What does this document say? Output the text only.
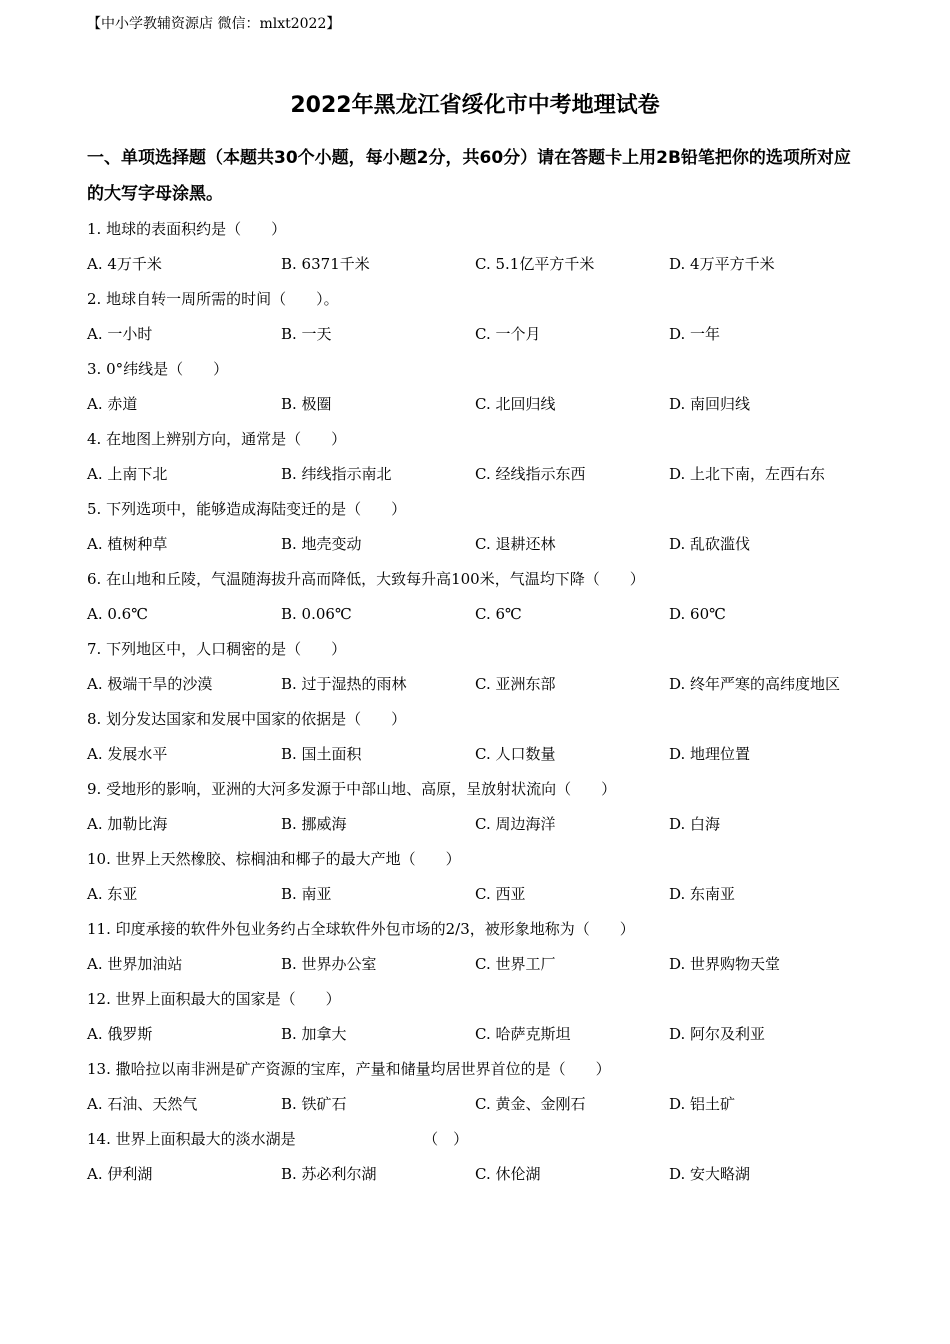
【中小学教辅资源店 微信：mlxt2022】
2022年黑龙江省绥化市中考地理试卷
一、单项选择题（本题共30个小题，每小题2分，共60分）请在答题卡上用2B铅笔把你的选项所对应的大写字母涂黑。
1. 地球的表面积约是（　　）
A. 4万千米	B. 6371千米	C. 5.1亿平方千米	D. 4万平方千米
2. 地球自转一周所需的时间（　　）。
A. 一小时	B. 一天	C. 一个月	D. 一年
3. 0°纬线是（　　）
A. 赤道	B. 极圈	C. 北回归线	D. 南回归线
4. 在地图上辨别方向，通常是（　　）
A. 上南下北	B. 纬线指示南北	C. 经线指示东西	D. 上北下南，左西右东
5. 下列选项中，能够造成海陆变迁的是（　　）
A. 植树种草	B. 地壳变动	C. 退耕还林	D. 乱砍滥伐
6. 在山地和丘陵，气温随海拔升高而降低，大致每升高100米，气温均下降（　　）
A. 0.6℃	B. 0.06℃	C. 6℃	D. 60℃
7. 下列地区中，人口稠密的是（　　）
A. 极端干旱的沙漠	B. 过于湿热的雨林	C. 亚洲东部	D. 终年严寒的高纬度地区
8. 划分发达国家和发展中国家的依据是（　　）
A. 发展水平	B. 国土面积	C. 人口数量	D. 地理位置
9. 受地形的影响，亚洲的大河多发源于中部山地、高原，呈放射状流向（　　）
A. 加勒比海	B. 挪威海	C. 周边海洋	D. 白海
10. 世界上天然橡胶、棕榈油和椰子的最大产地（　　）
A. 东亚	B. 南亚	C. 西亚	D. 东南亚
11. 印度承接的软件外包业务约占全球软件外包市场的2/3，被形象地称为（　　）
A. 世界加油站	B. 世界办公室	C. 世界工厂	D. 世界购物天堂
12. 世界上面积最大的国家是（　　）
A. 俄罗斯	B. 加拿大	C. 哈萨克斯坦	D. 阿尔及利亚
13. 撒哈拉以南非洲是矿产资源的宝库，产量和储量均居世界首位的是（　　）
A. 石油、天然气	B. 铁矿石	C. 黄金、金刚石	D. 铝土矿
14. 世界上面积最大的淡水湖是　　　　　　　　　（　）
A. 伊利湖	B. 苏必利尔湖	C. 休伦湖	D. 安大略湖
